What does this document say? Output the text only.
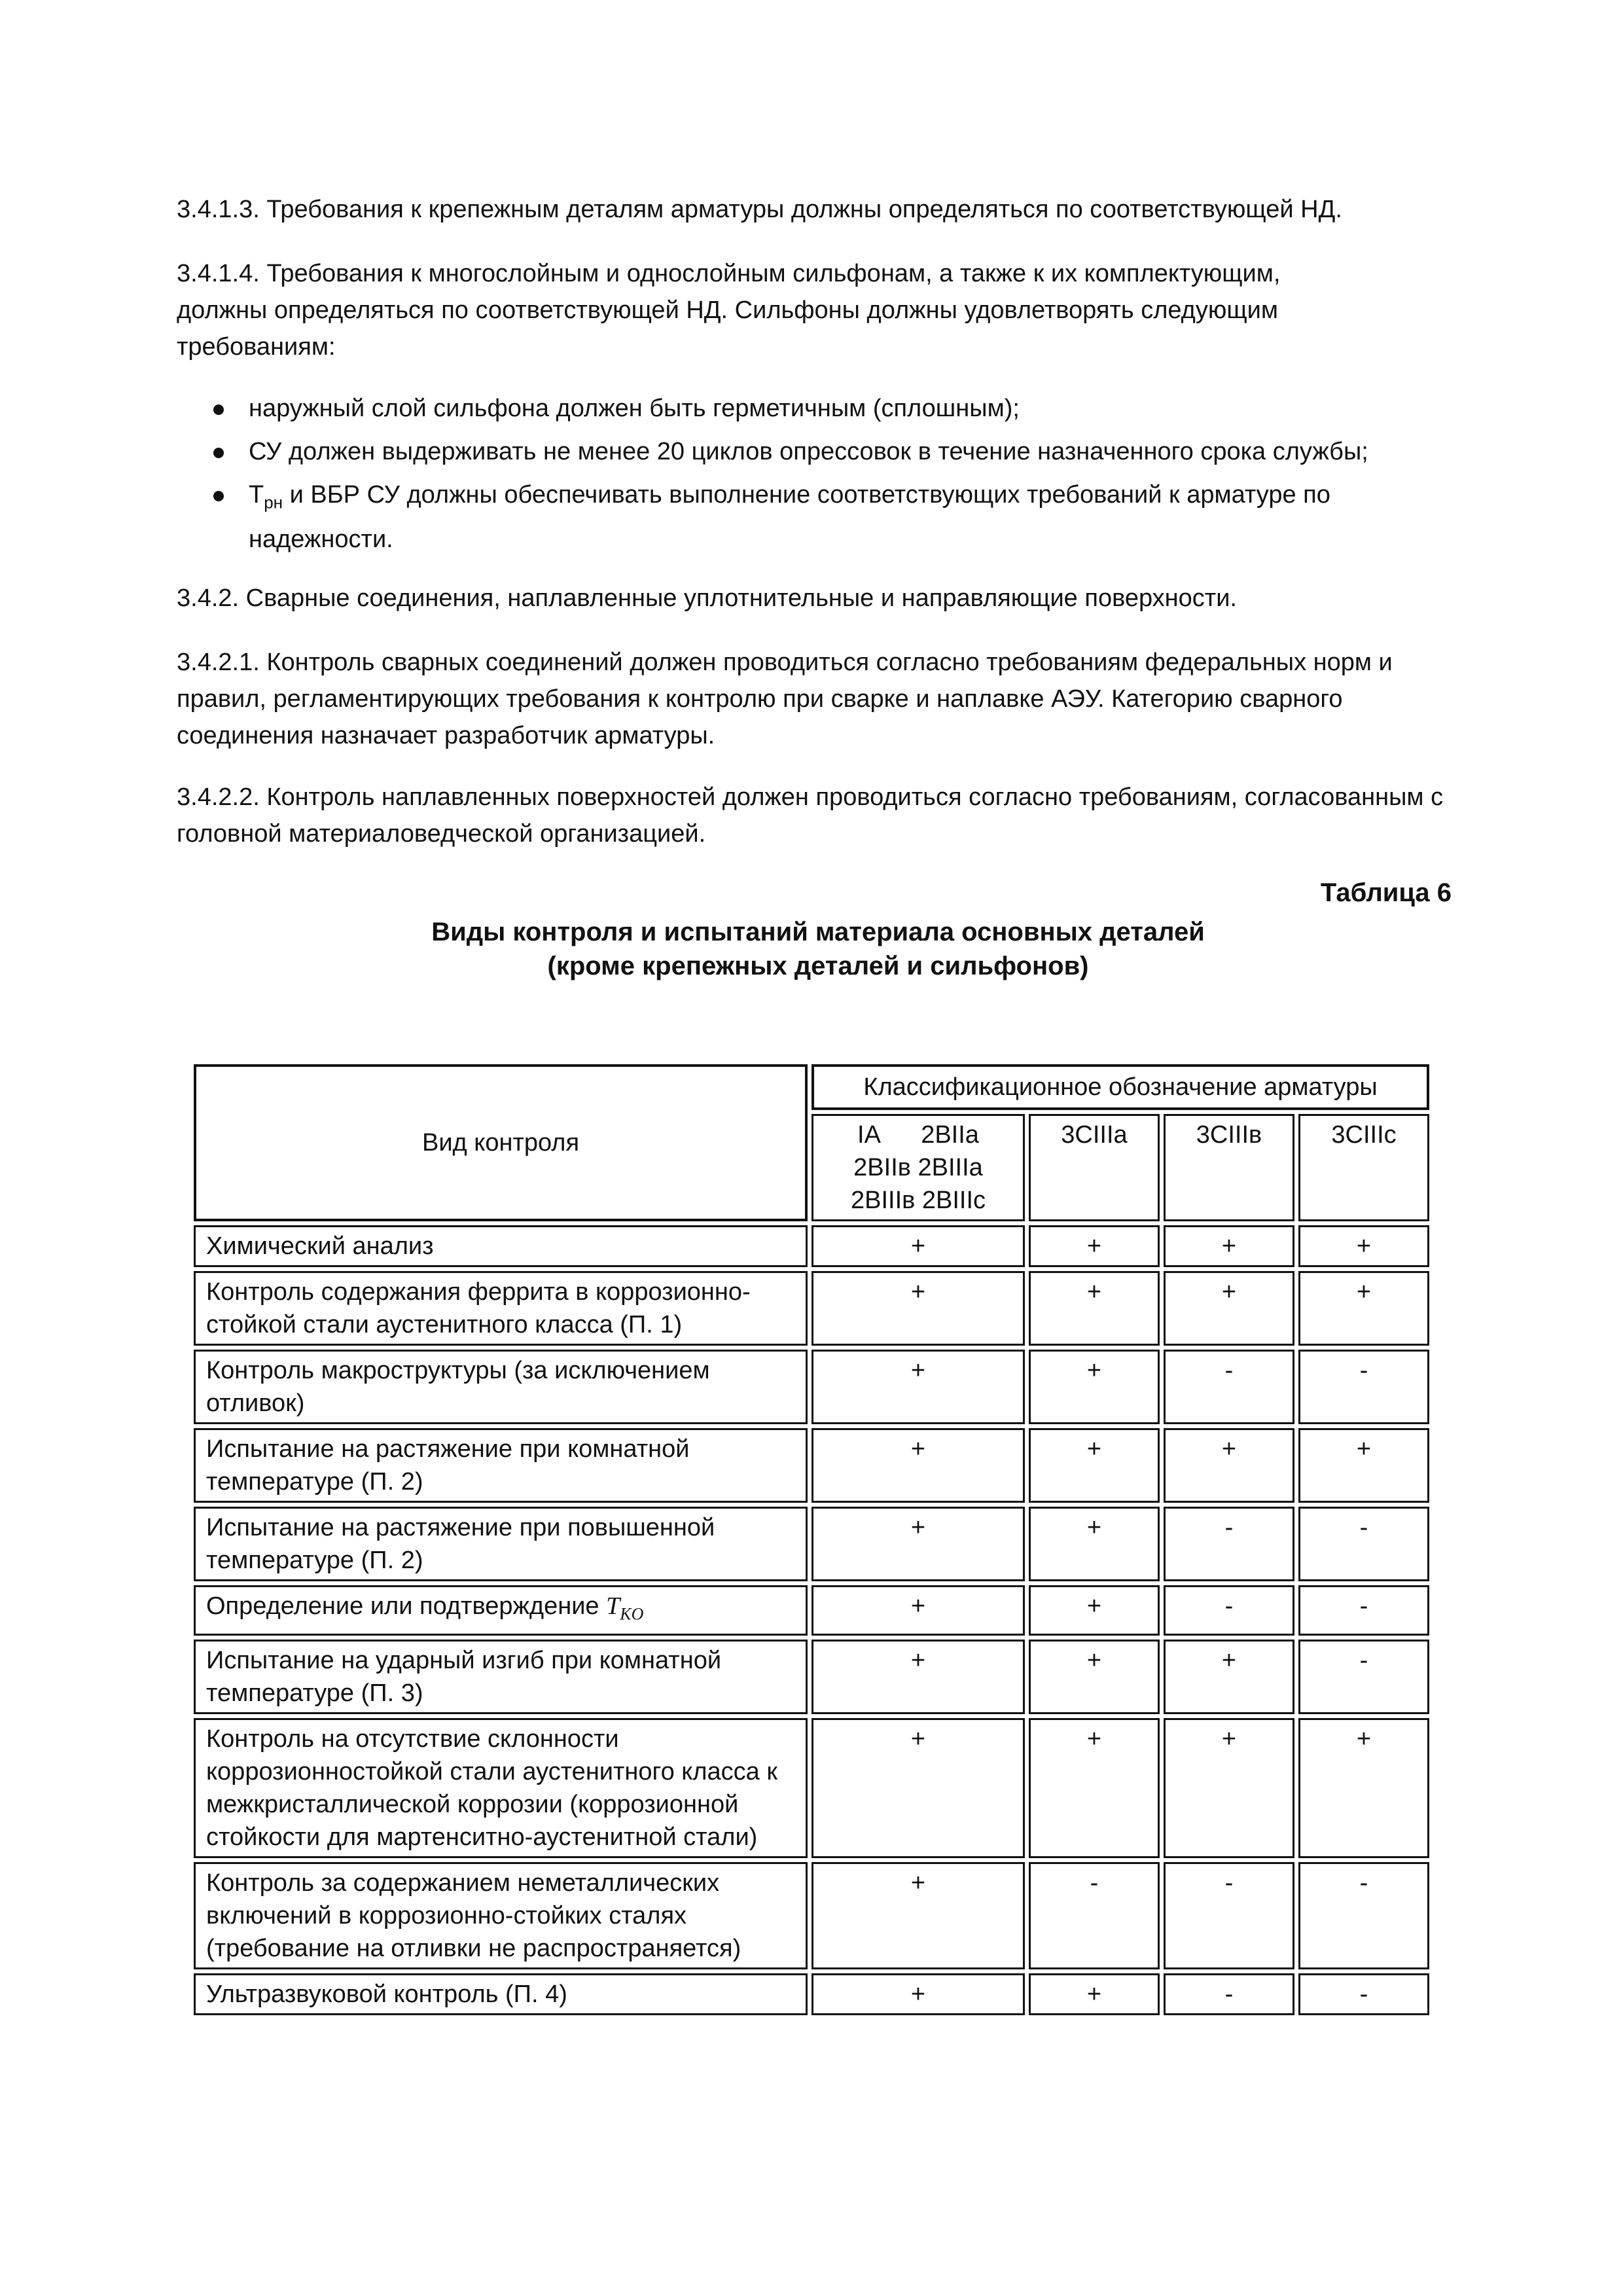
3.4.1.3. Требования к крепежным деталям арматуры должны определяться по соответствующей НД.

3.4.1.4. Требования к многослойным и однослойным сильфонам, а также к их комплектующим,
должны определяться по соответствующей НД. Сильфоны должны удовлетворять следующим
требованиям:
наружный слой сильфона должен быть герметичным (сплошным);
СУ должен выдерживать не менее 20 циклов опрессовок в течение назначенного срока службы;
$Т_{рн}$ и ВБР СУ должны обеспечивать выполнение соответствующих требований к арматуре по надежности.

3.4.2. Сварные соединения, наплавленные уплотнительные и направляющие поверхности.

3.4.2.1. Контроль сварных соединений должен проводиться согласно требованиям федеральных норм и правил, регламентирующих требования к контролю при сварке и наплавке АЭУ. Категорию сварного соединения назначает разработчик арматуры.

3.4.2.2. Контроль наплавленных поверхностей должен проводиться согласно требованиям, согласованным с головной материаловедческой организацией.

Таблица 6
Виды контроля и испытаний материала основных деталей
(кроме крепежных деталей и сильфонов)
Вид контроля	Классификационное обозначение арматуры			

	IA      2BIIa
2BIIв 2BIIIa
2BIIIв 2BIIIc	3CIIIa	3CIIIв	3CIIIc
Химический анализ	+	+	+	+
Контроль содержания феррита в коррозионно-стойкой стали аустенитного класса (П. 1)	+	+	+	+
Контроль макроструктуры (за исключением отливок)	+	+	-	-
Испытание на растяжение при комнатной температуре (П. 2)	+	+	+	+
Испытание на растяжение при повышенной температуре (П. 2)	+	+	-	-
Определение или подтверждение $T_{KO}$	+	+	-	-
Испытание на ударный изгиб при комнатной температуре (П. 3)	+	+	+	-
Контроль на отсутствие склонности коррозионностойкой стали аустенитного класса к межкристаллической коррозии (коррозионной стойкости для мартенситно-аустенитной стали)	+	+	+	+
Контроль за содержанием неметаллических включений в коррозионно-стойких сталях (требование на отливки не распространяется)	+	-	-	-
Ультразвуковой контроль (П. 4)	+	+	-	-
